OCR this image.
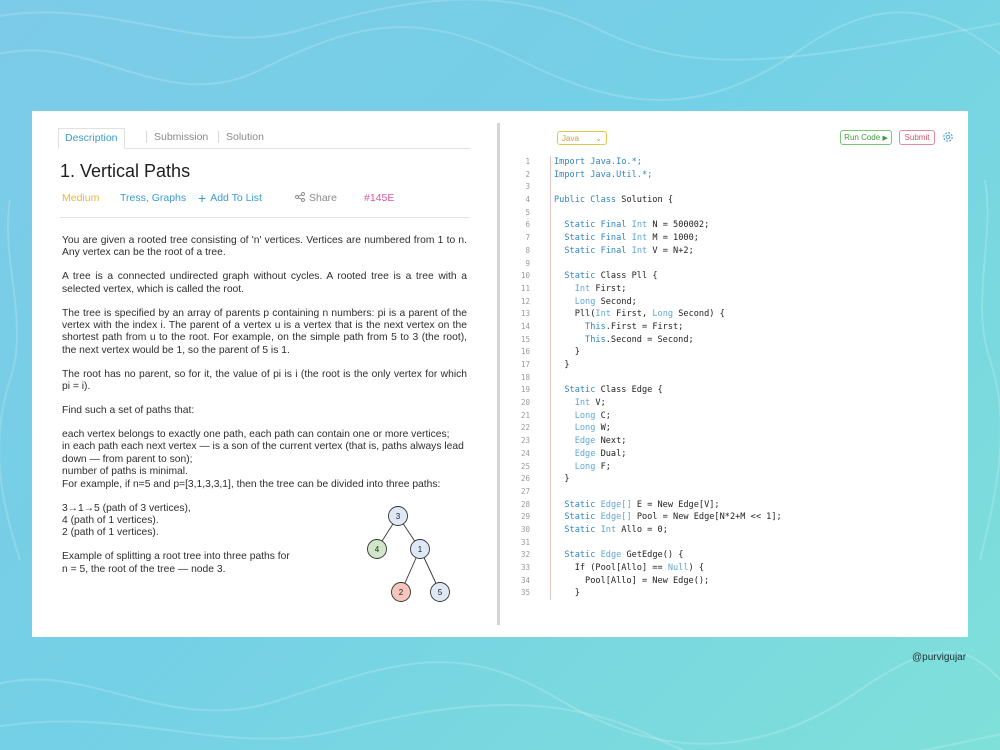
Description	Submission	Solution
1. Vertical Paths
Medium Tress, Graphs + Add To List	Share	#145E

You are given a rooted tree consisting of 'n' vertices. Vertices are numbered from 1 to n. Any vertex can be the root of a tree.

A tree is a connected undirected graph without cycles. A rooted tree is a tree with a selected vertex, which is called the root.

The tree is specified by an array of parents p containing n numbers: pi is a parent of the vertex with the index i. The parent of a vertex u is a vertex that is the next vertex on the shortest path from u to the root. For example, on the simple path from 5 to 3 (the root), the next vertex would be 1, so the parent of 5 is 1.

The root has no parent, so for it, the value of pi is i (the root is the only vertex for which pi = i).

Find such a set of paths that:

each vertex belongs to exactly one path, each path can contain one or more vertices;

in each path each next vertex — is a son of the current vertex (that is, paths always lead down — from parent to son);

number of paths is minimal.

For example, if n=5 and p=[3,1,3,3,1], then the tree can be divided into three paths:

3→1→5 (path of 3 vertices),

4 (path of 1 vertices).

2 (path of 1 vertices).

Example of splitting a root tree into three paths for n = 5, the root of the tree — node 3.

3
4	1
2	5
Java ⌄	Run Code ▶	Submit
1
2
3
4
5
6
7
8
9
10
11
12
13
14
15
16
17
18
19
20
21
22
23
24
25
26
27
28
29
30
31
32
33
34
35
Import Java.Io.*;
Import Java.Util.*;

Public Class Solution {

Static Final Int N = 500002;
Static Final Int M = 1000;
Static Final Int V = N+2;

Static Class Pll {
Int First;
Long Second;
Pll(Int First, Long Second) {
This.First = First;
This.Second = Second;
}
}

Static Class Edge {
Int V;
Long C;
Long W;
Edge Next;
Edge Dual;
Long F;
}

Static Edge[] E = New Edge[V];
Static Edge[] Pool = New Edge[N*2+M << 1];
Static Int Allo = 0;

Static Edge GetEdge() {
If (Pool[Allo] == Null) {
Pool[Allo] = New Edge();
}
@purvigujar
